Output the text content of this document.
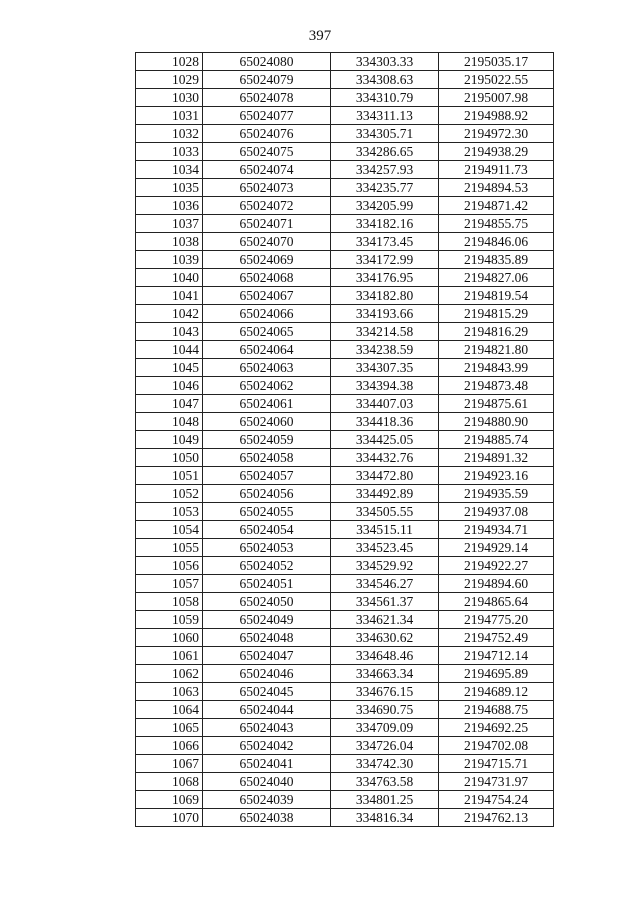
397
1028	65024080	334303.33	2195035.17
1029	65024079	334308.63	2195022.55
1030	65024078	334310.79	2195007.98
1031	65024077	334311.13	2194988.92
1032	65024076	334305.71	2194972.30
1033	65024075	334286.65	2194938.29
1034	65024074	334257.93	2194911.73
1035	65024073	334235.77	2194894.53
1036	65024072	334205.99	2194871.42
1037	65024071	334182.16	2194855.75
1038	65024070	334173.45	2194846.06
1039	65024069	334172.99	2194835.89
1040	65024068	334176.95	2194827.06
1041	65024067	334182.80	2194819.54
1042	65024066	334193.66	2194815.29
1043	65024065	334214.58	2194816.29
1044	65024064	334238.59	2194821.80
1045	65024063	334307.35	2194843.99
1046	65024062	334394.38	2194873.48
1047	65024061	334407.03	2194875.61
1048	65024060	334418.36	2194880.90
1049	65024059	334425.05	2194885.74
1050	65024058	334432.76	2194891.32
1051	65024057	334472.80	2194923.16
1052	65024056	334492.89	2194935.59
1053	65024055	334505.55	2194937.08
1054	65024054	334515.11	2194934.71
1055	65024053	334523.45	2194929.14
1056	65024052	334529.92	2194922.27
1057	65024051	334546.27	2194894.60
1058	65024050	334561.37	2194865.64
1059	65024049	334621.34	2194775.20
1060	65024048	334630.62	2194752.49
1061	65024047	334648.46	2194712.14
1062	65024046	334663.34	2194695.89
1063	65024045	334676.15	2194689.12
1064	65024044	334690.75	2194688.75
1065	65024043	334709.09	2194692.25
1066	65024042	334726.04	2194702.08
1067	65024041	334742.30	2194715.71
1068	65024040	334763.58	2194731.97
1069	65024039	334801.25	2194754.24
1070	65024038	334816.34	2194762.13
